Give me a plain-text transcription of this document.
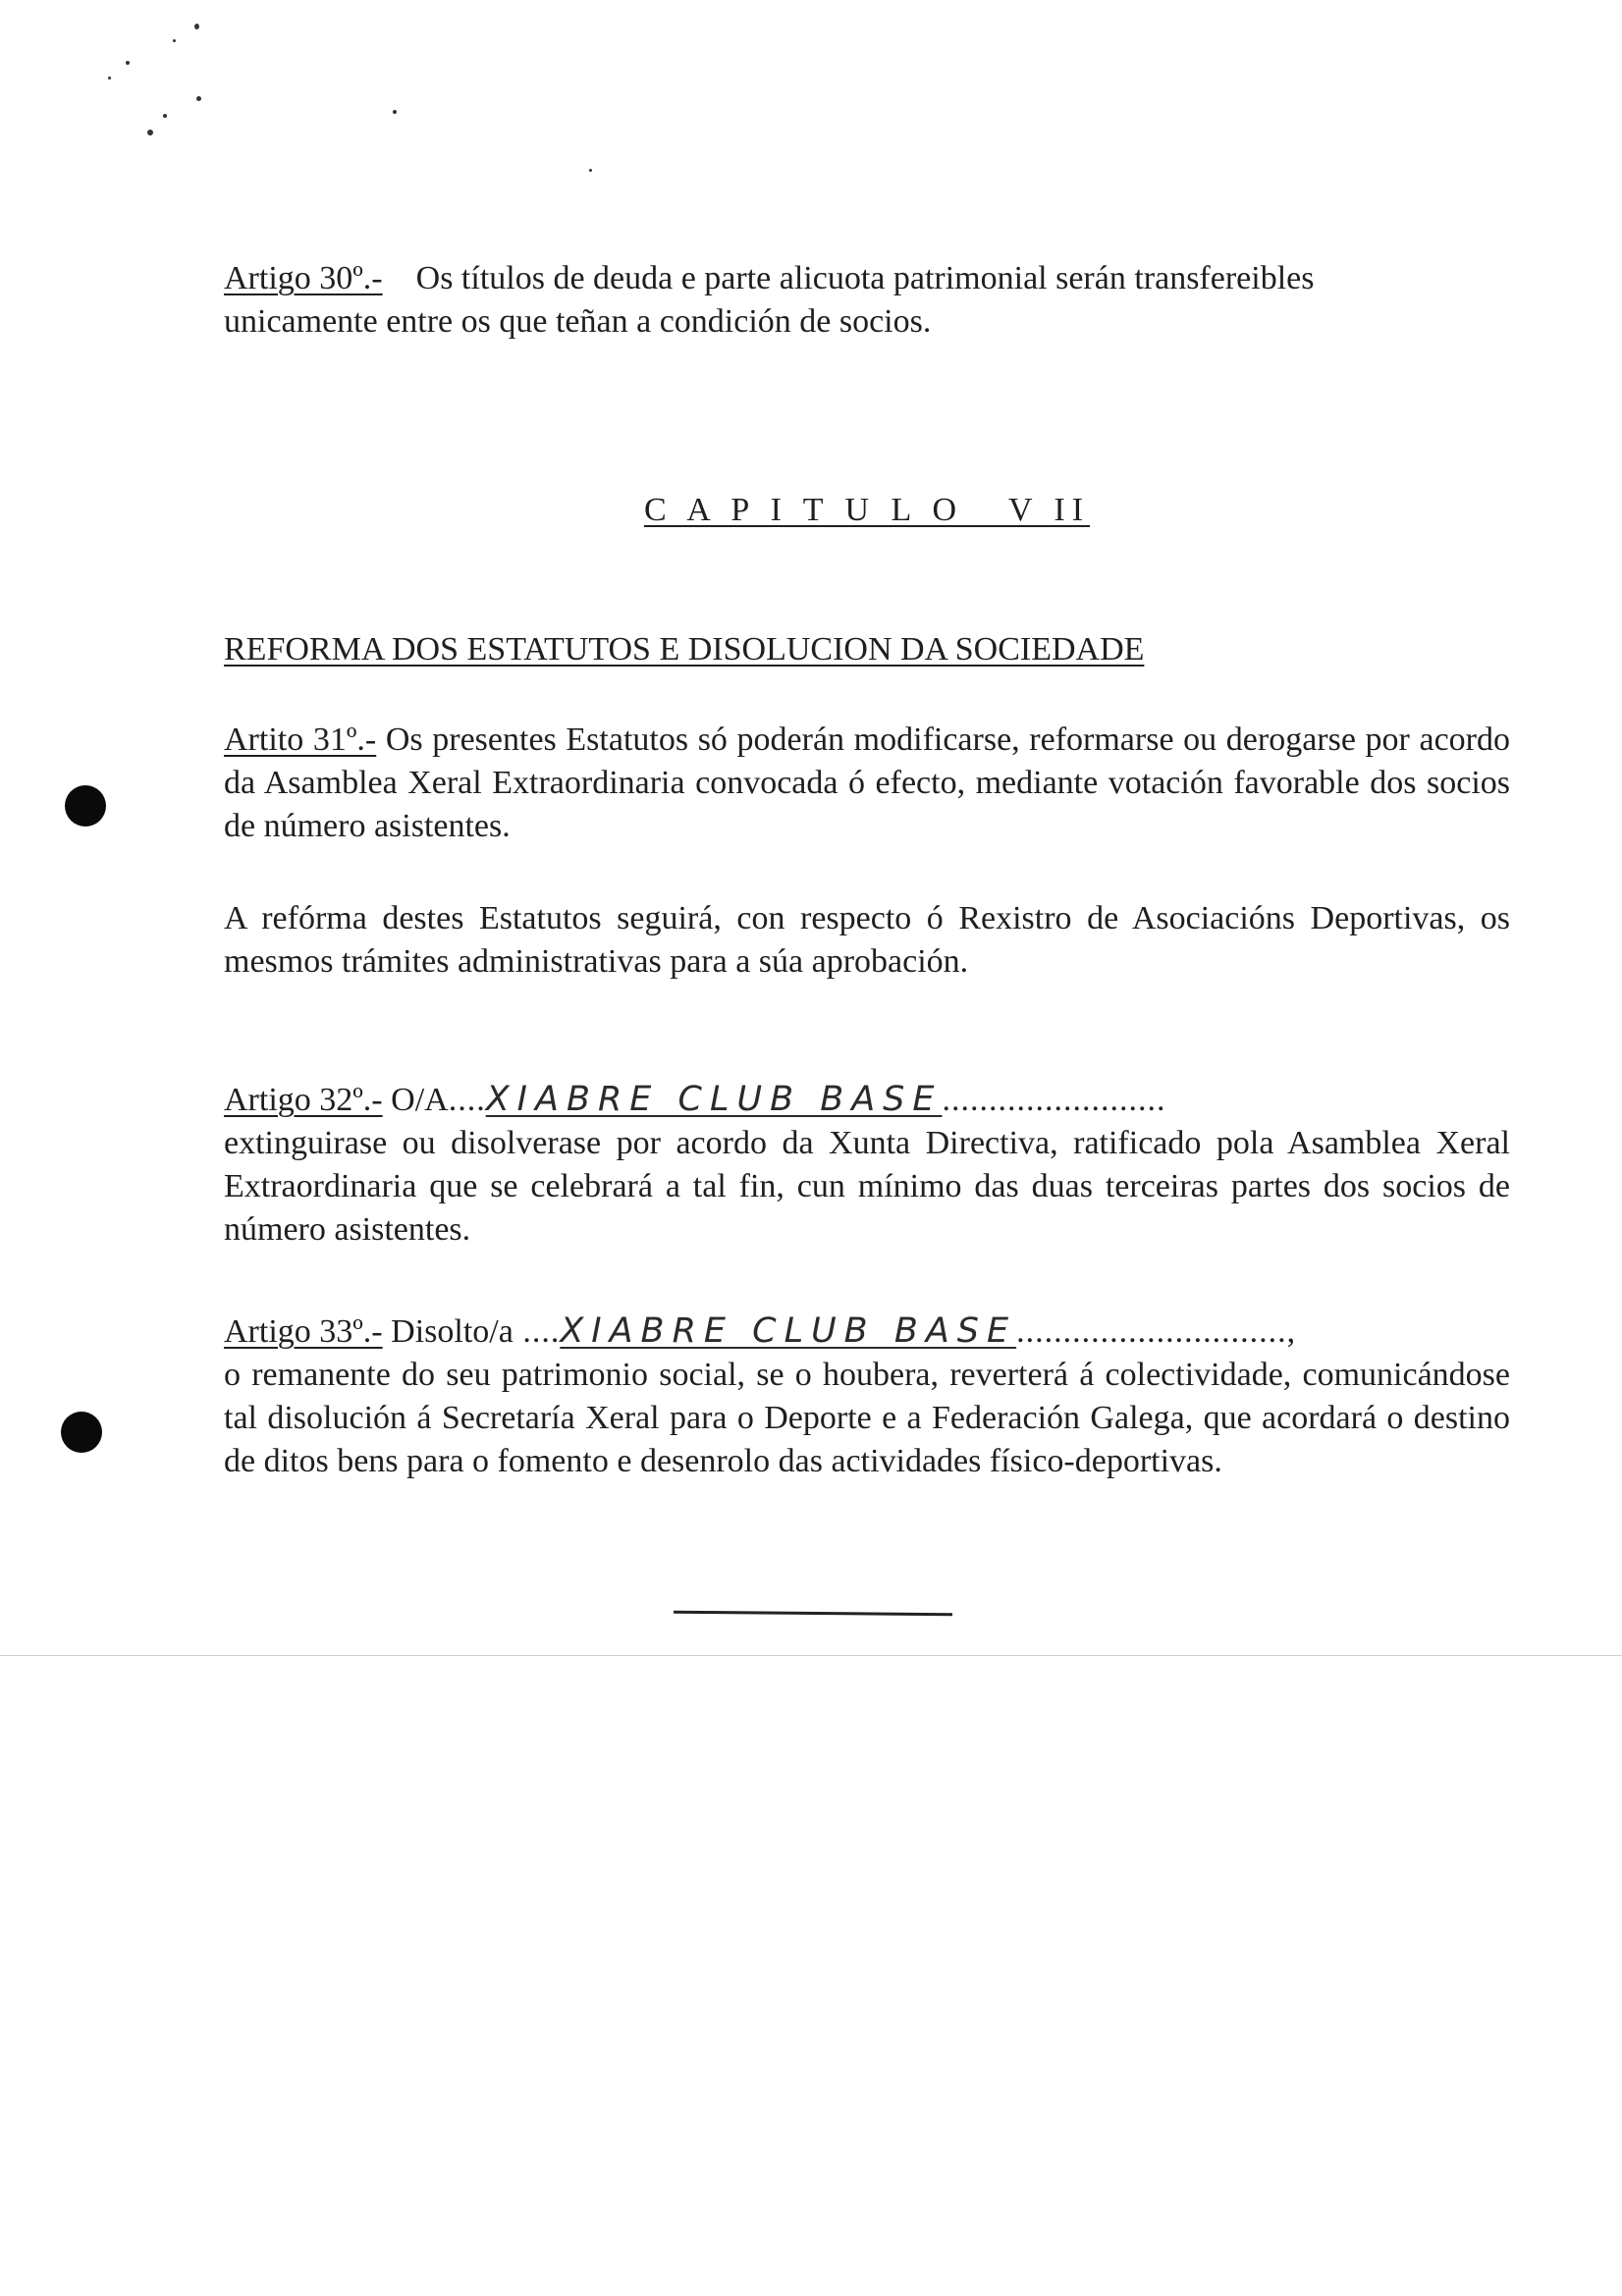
Artigo 30º.- Os títulos de deuda e parte alicuota patrimonial serán transfereibles
unicamente entre os que teñan a condición de socios.
C A P I T U L O   V II
REFORMA DOS ESTATUTOS E DISOLUCION DA SOCIEDADE
Artito 31º.- Os presentes Estatutos só poderán modificarse, reformarse ou derogarse por acordo da Asamblea Xeral Extraordinaria convocada ó efecto, mediante votación favorable dos socios de número asistentes.
A refórma destes Estatutos seguirá, con respecto ó Rexistro de Asociacións Deportivas, os mesmos trámites administrativas para a súa aprobación.
Artigo 32º.- O/A....XIABRE CLUB BASE........................
extinguirase ou disolverase por acordo da Xunta Directiva, ratificado pola Asamblea Xeral Extraordinaria que se celebrará a tal fin, cun mínimo das duas terceiras partes dos socios de número asistentes.
Artigo 33º.- Disolto/a ....XIABRE CLUB BASE.............................,
o remanente do seu patrimonio social, se o houbera, reverterá á colectividade, comunicándose tal disolución á Secretaría Xeral para o Deporte e a Federación Galega, que acordará o destino de ditos bens para o fomento e desenrolo das actividades físico-deportivas.
